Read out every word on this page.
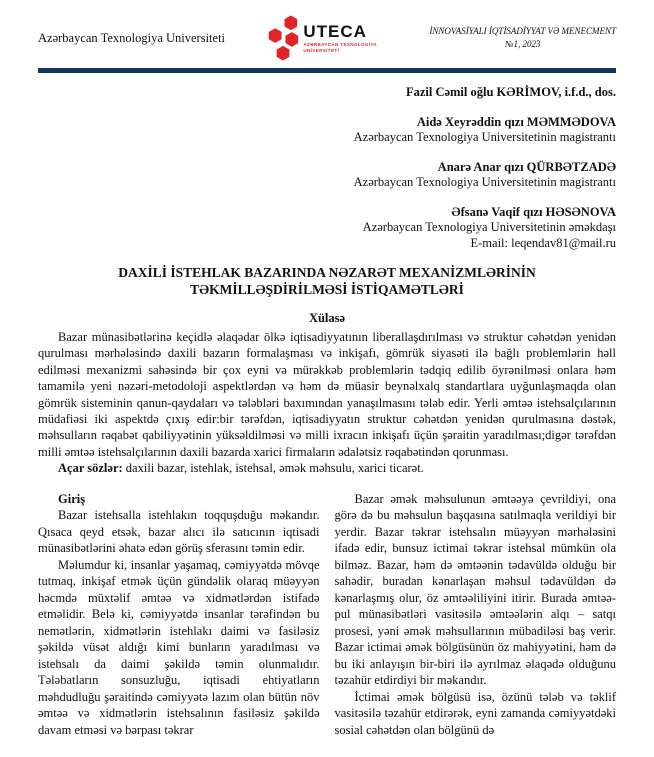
Azərbaycan Texnologiya Universiteti	UTECA
AZƏRBAYCAN TEXNOLOGİYA
UNİVERSİTETİ
İNNOVASİYALI İQTİSADİYYAT VƏ MENECMENT
№1, 2023
Fazil Cəmil oğlu KƏRİMOV, i.f.d., dos.
Aidə Xeyrəddin qızı MƏMMƏDOVA
Azərbaycan Texnologiya Universitetinin magistrantı
Anarə Anar qızı QÜRBƏTZADƏ
Azərbaycan Texnologiya Universitetinin magistrantı
Əfsanə Vaqif qızı HƏSƏNOVA
Azərbaycan Texnologiya Universitetinin əməkdaşı
E-mail: leqendav81@mail.ru
DAXİLİ İSTEHLAK BAZARINDA NƏZARƏT MEXANİZMLƏRİNİN
TƏKMİLLƏŞDİRİLMƏSİ İSTİQAMƏTLƏRİ
Xülasə

Bazar münasibətlərinə keçidlə əlaqədar ölkə iqtisadiyyatının liberallaşdırılması və struktur cəhətdən yenidən qurulması mərhələsində daxili bazarın formalaşması və inkişafı, gömrük siyasəti ilə bağlı problemlərin həll edilməsi mexanizmi sahəsində bir çox eyni və mürəkkəb problemlərin tədqiq edilib öyrənilməsi onlara həm tamamilə yeni nəzəri-metodoloji aspektlərdən və həm də müasir beynəlxalq standartlara uyğunlaşmaqda olan gömrük sisteminin qanun-qaydaları və tələbləri baxımından yanaşılmasını tələb edir. Yerli əmtəə istehsalçılarının müdafiəsi iki aspektdə çıxış edir:bir tərəfdən, iqtisadiyyatın struktur cəhətdən yenidən qurulmasına dəstək, məhsulların rəqabət qabiliyyətinin yüksəldilməsi və milli ixracın inkişafı üçün şəraitin yaradılması;digər tərəfdən milli əmtəə istehsalçılarının daxili bazarda xarici firmaların ədalətsiz rəqabətindən qorunması.

Açar sözlər: daxili bazar, istehlak, istehsal, əmək məhsulu, xarici ticarət.

Giriş

Bazar istehsalla istehlakın toqquşduğu məkandır. Qısaca qeyd etsək, bazar alıcı ilə satıcının iqtisadi münasibətlərini əhatə edən görüş sferasını təmin edir.

Məlumdur ki, insanlar yaşamaq, cəmiyyətdə mövqe tutmaq, inkişaf etmək üçün gündəlik olaraq müəyyən həcmdə müxtəlif əmtəə və xidmətlərdən istifadə etməlidir. Belə ki, cəmiyyətdə insanlar tərəfindən bu nemətlərin, xidmətlərin istehlakı daimi və fasiləsiz şəkildə vüsət aldığı kimi bunların yaradılması və istehsalı da daimi şəkildə təmin olunmalıdır. Tələbatların sonsuzluğu, iqtisadi ehtiyatların məhdudluğu şəraitində cəmiyyətə lazım olan bütün növ əmtəə və xidmətlərin istehsalının fasiləsiz şəkildə davam etməsi və bərpası təkrar

Bazar əmək məhsulunun əmtəəyə çevrildiyi, ona görə də bu məhsulun başqasına satılmaqla verildiyi bir yerdir. Bazar təkrar istehsalın müəyyən mərhələsini ifadə edir, bunsuz ictimai təkrar istehsal mümkün ola bilməz. Bazar, həm də əmtəənin tədavüldə olduğu bir sahədir, buradan kənarlaşan məhsul tədavüldən də kənarlaşmış olur, öz əmtəəliliyini itirir. Burada əmtəə-pul münasibətləri vasitəsilə əmtəələrin alqı – satqı prosesi, yəni əmək məhsullarının mübadiləsi baş verir. Bazar ictimai əmək bölgüsünün öz mahiyyətini, həm də bu iki anlayışın bir-biri ilə ayrılmaz əlaqədə olduğunu təzahür etdirdiyi bir məkandır.

İctimai əmək bölgüsü isə, özünü tələb və təklif vasitəsilə təzahür etdirərək, eyni zamanda cəmiyyətdəki sosial cəhətdən olan bölgünü də
